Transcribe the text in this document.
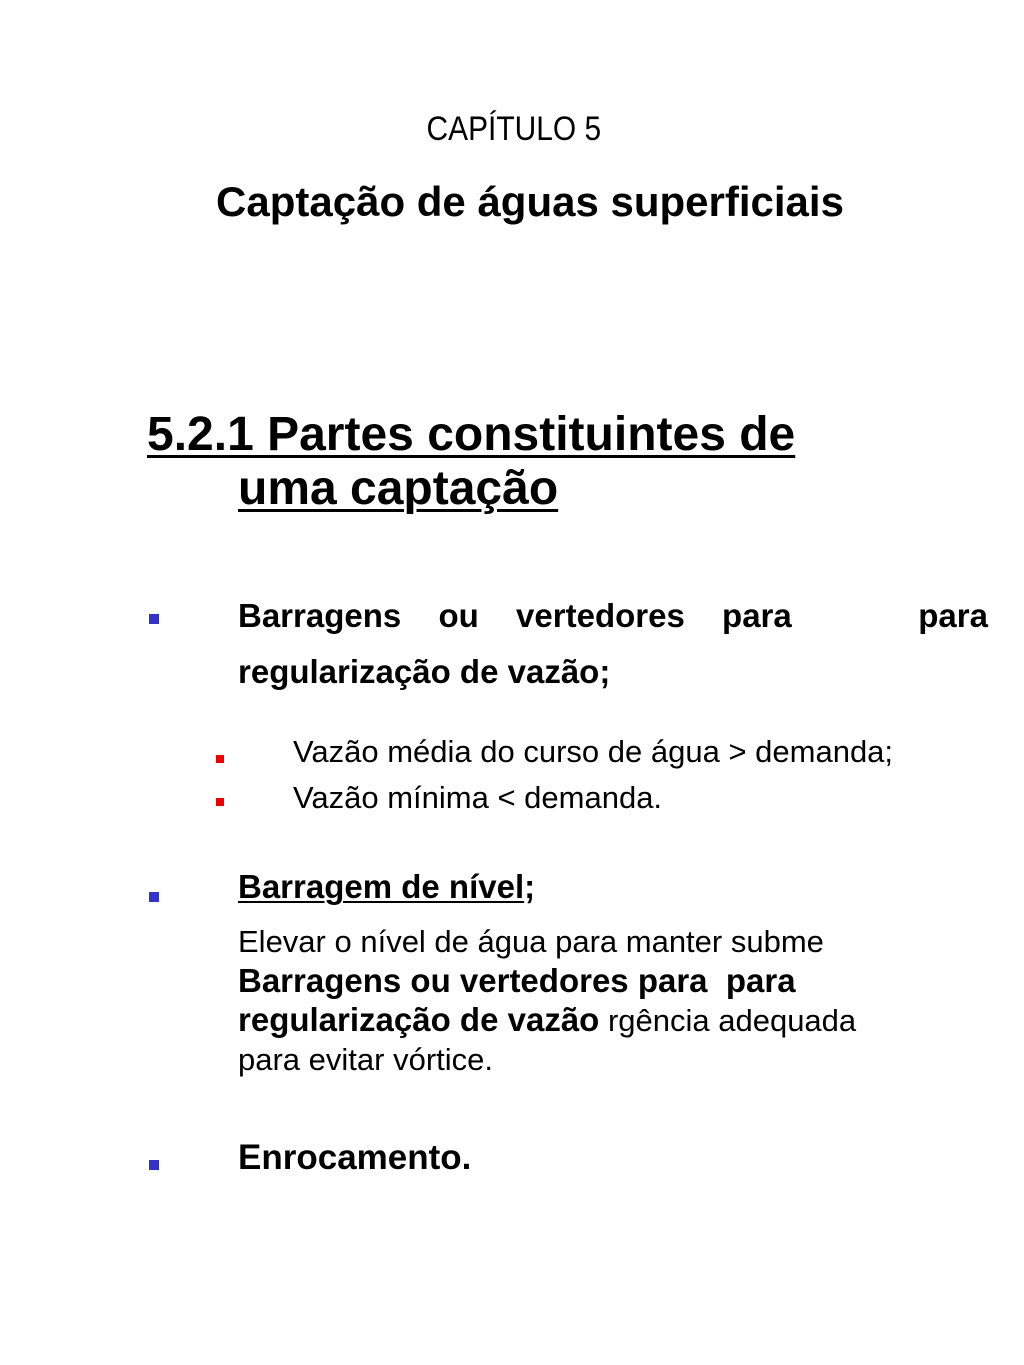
CAPÍTULO 5
Captação de águas superficiais
5.2.1 Partes constituintes de
uma captação
Barragens ou vertedores para	para
regularização de vazão;
Vazão média do curso de água > demanda;
Vazão mínima < demanda.
Barragem de nível;
Elevar o nível de água para manter subme
Barragens ou vertedores para  para
regularização de vazão rgência adequada
para evitar vórtice.
Enrocamento.
